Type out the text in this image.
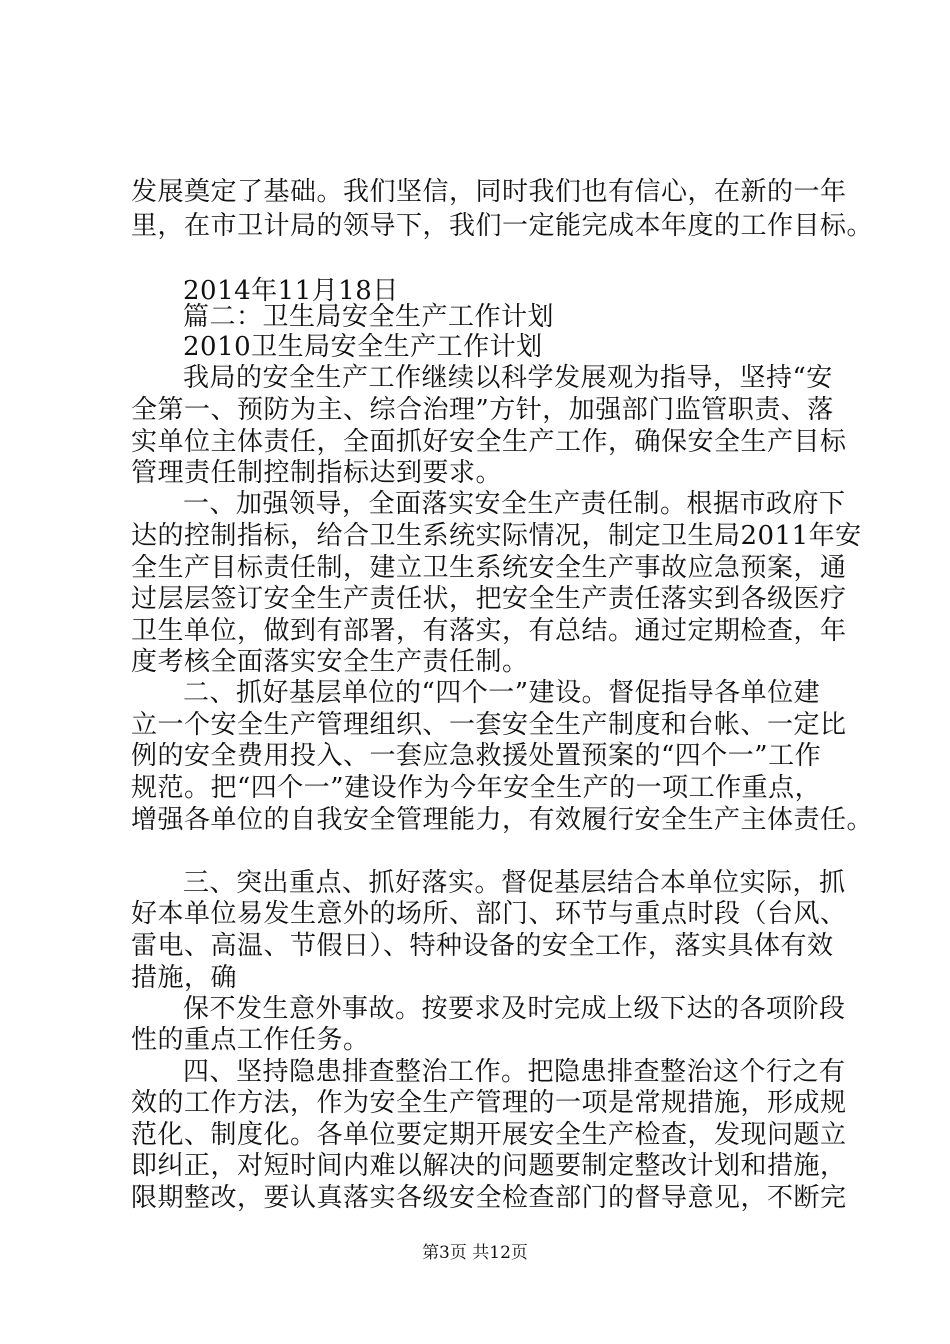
发展奠定了基础。我们坚信，同时我们也有信心，在新的一年
里，在市卫计局的领导下，我们一定能完成本年度的工作目标。
2014年11月18日
篇二：卫生局安全生产工作计划
2010卫生局安全生产工作计划
我局的安全生产工作继续以科学发展观为指导，坚持“安
全第一、预防为主、综合治理”方针，加强部门监管职责、落
实单位主体责任，全面抓好安全生产工作，确保安全生产目标
管理责任制控制指标达到要求。
一、加强领导，全面落实安全生产责任制。根据市政府下
达的控制指标，给合卫生系统实际情况，制定卫生局2011年安
全生产目标责任制，建立卫生系统安全生产事故应急预案，通
过层层签订安全生产责任状，把安全生产责任落实到各级医疗
卫生单位，做到有部署，有落实，有总结。通过定期检查，年
度考核全面落实安全生产责任制。
二、抓好基层单位的“四个一”建设。督促指导各单位建
立一个安全生产管理组织、一套安全生产制度和台帐、一定比
例的安全费用投入、一套应急救援处置预案的“四个一”工作
规范。把“四个一”建设作为今年安全生产的一项工作重点，
增强各单位的自我安全管理能力，有效履行安全生产主体责任。
三、突出重点、抓好落实。督促基层结合本单位实际，抓
好本单位易发生意外的场所、部门、环节与重点时段（台风、
雷电、高温、节假日）、特种设备的安全工作，落实具体有效
措施，确
保不发生意外事故。按要求及时完成上级下达的各项阶段
性的重点工作任务。
四、坚持隐患排查整治工作。把隐患排查整治这个行之有
效的工作方法，作为安全生产管理的一项是常规措施，形成规
范化、制度化。各单位要定期开展安全生产检查，发现问题立
即纠正，对短时间内难以解决的问题要制定整改计划和措施，
限期整改，要认真落实各级安全检查部门的督导意见，不断完
第3页 共12页
